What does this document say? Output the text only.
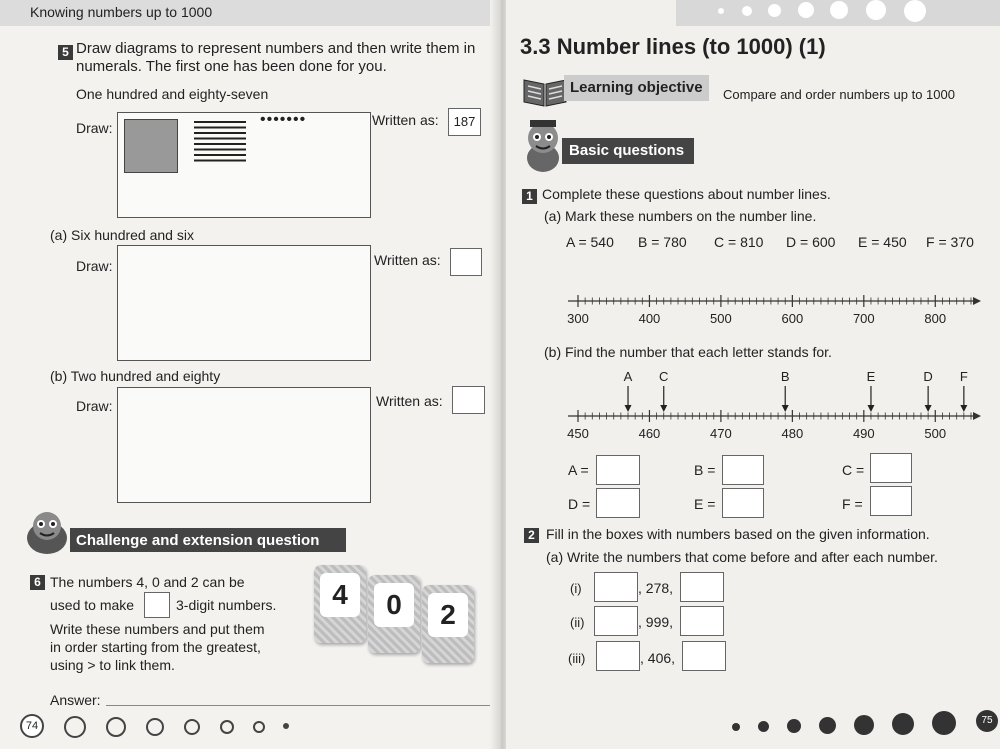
Knowing numbers up to 1000
5 Draw diagrams to represent numbers and then write them in
numerals. The first one has been done for you.
One hundred and eighty-seven
Draw:	•••••••	Written as:	187
(a) Six hundred and six
Draw:	Written as:
(b) Two hundred and eighty
Draw:	Written as:
Challenge and extension question
6 The numbers 4, 0 and 2 can be
used to make	3-digit numbers.
Write these numbers and put them
in order starting from the greatest,
using > to link them.
4	0	2
Answer:
74
3.3 Number lines (to 1000) (1)
Learning objective	Compare and order numbers up to 1000
Basic questions
1 Complete these questions about number lines.
(a) Mark these numbers on the number line.
A = 540 B = 780 C = 810 D = 600 E = 450 F = 370
300	400	500	600	700	800
(b) Find the number that each letter stands for.
450	460	470	480	490	500
A C	B	E	D F
A =	B =	C =
D =	E =	F =
2 Fill in the boxes with numbers based on the given information.
(a) Write the numbers that come before and after each number.
(i)	, 278,
(ii)	, 999,
(iii)	, 406,
75
